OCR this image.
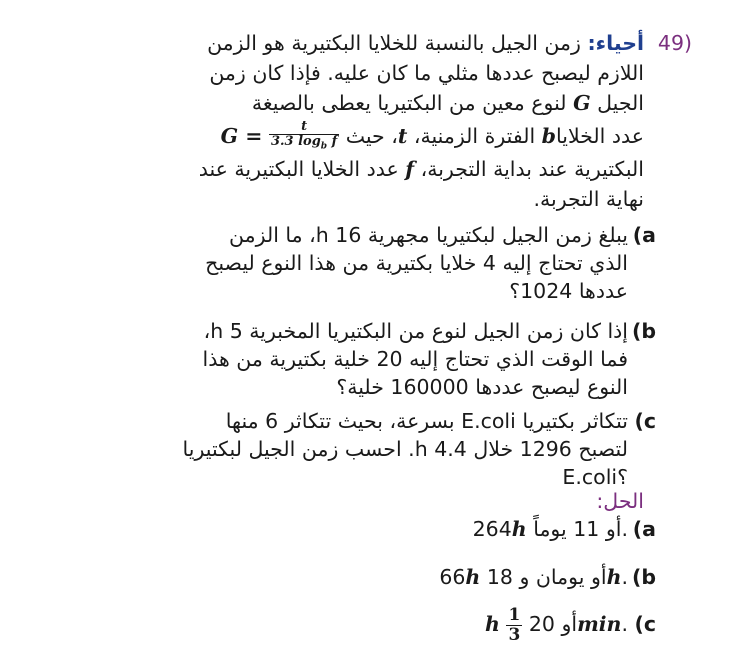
(49
أحياء: زمن الجيل بالنسبة للخلايا البكتيرية هو الزمن
اللازم ليصبح عددها مثلي ما كان عليه. فإذا كان زمن
الجيل G لنوع معين من البكتيريا يعطى بالصيغة
عدد الخلاياb الفترة الزمنية، t، حيث $G = \frac{t}{3.3 \log_b f}$
البكتيرية عند بداية التجربة، f عدد الخلايا البكتيرية عند
نهاية التجربة.
a)
يبلغ زمن الجيل لبكتيريا مجهرية 16 h، ما الزمن
الذي تحتاج إليه 4 خلايا بكتيرية من هذا النوع ليصبح
عددها 1024؟
b)
إذا كان زمن الجيل لنوع من البكتيريا المخبرية 5 h،
فما الوقت الذي تحتاج إليه 20 خلية بكتيرية من هذا
النوع ليصبح عددها 160000 خلية؟
c)
تتكاثر بكتيريا E.coli بسرعة، بحيث تتكاثر 6 منها
لتصبح 1296 خلال 4.4 h. احسب زمن الجيل لبكتيريا
E.coli؟
الحل:
a)
264h أو 11 يوماً.
b)
66h أو يومان و 18h.
c)
h $\frac{1}{3}$ أو 20min.
